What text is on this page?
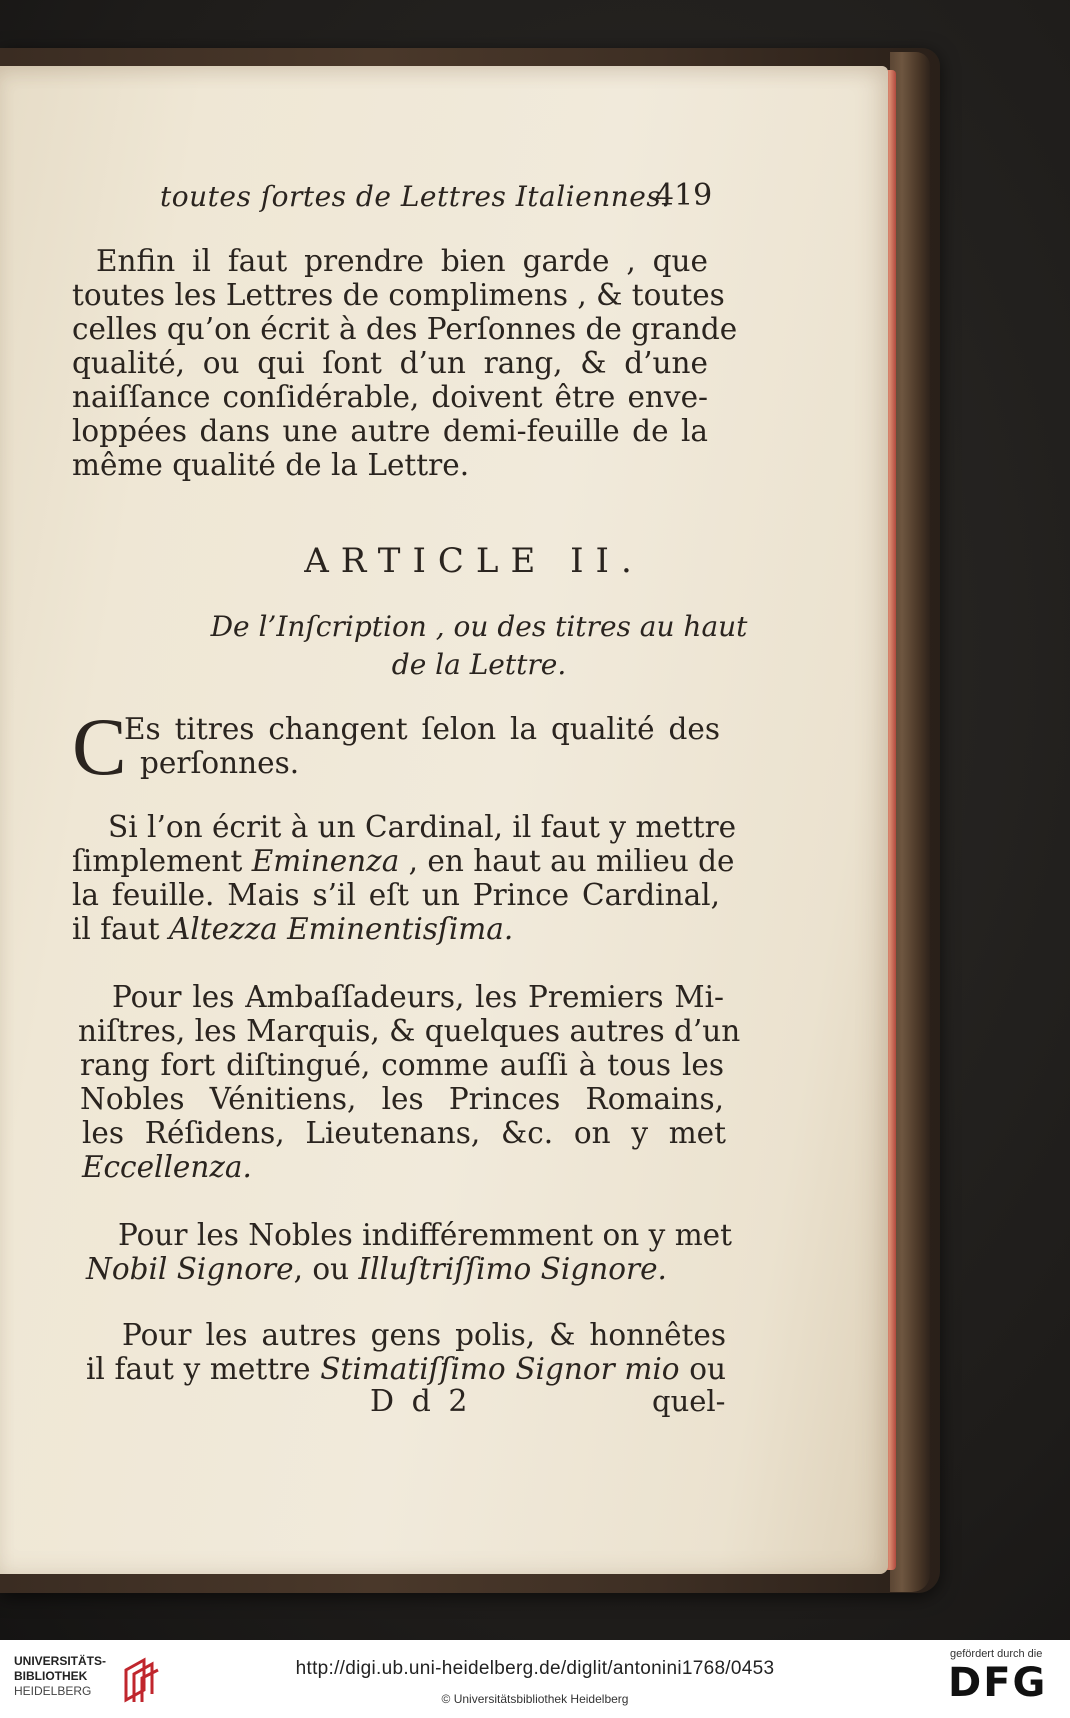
toutes ſortes de Lettres Italiennes.
419
Enfin il faut prendre bien garde , que
toutes les Lettres de complimens , & toutes
celles qu’on écrit à des Perſonnes de grande
qualité, ou qui ſont d’un rang, & d’une
naiſſance conſidérable, doivent être enve-
loppées dans une autre demi-feuille de la
même qualité de la Lettre.
ARTICLE II.
De l’Inſcription , ou des titres au haut
de la Lettre.
C
Es titres changent ſelon la qualité des
perſonnes.
Si l’on écrit à un Cardinal, il faut y mettre
ſimplement Eminenza , en haut au milieu de
la feuille. Mais s’il eſt un Prince Cardinal,
il faut Altezza Eminentisſima.
Pour les Ambaſſadeurs, les Premiers Mi-
niſtres, les Marquis, & quelques autres d’un
rang fort diſtingué, comme auſſi à tous les
Nobles Vénitiens, les Princes Romains,
les Réſidens, Lieutenans, &c. on y met
Eccellenza.
Pour les Nobles indifféremment on y met
Nobil Signore, ou Illuſtriſſimo Signore.
Pour les autres gens polis, & honnêtes
il faut y mettre Stimatiſſimo Signor mio ou
D d 2	quel-
UNIVERSITÄTS-
BIBLIOTHEK
HEIDELBERG
http://digi.ub.uni-heidelberg.de/diglit/antonini1768/0453
© Universitätsbibliothek Heidelberg
gefördert durch die
DFG
